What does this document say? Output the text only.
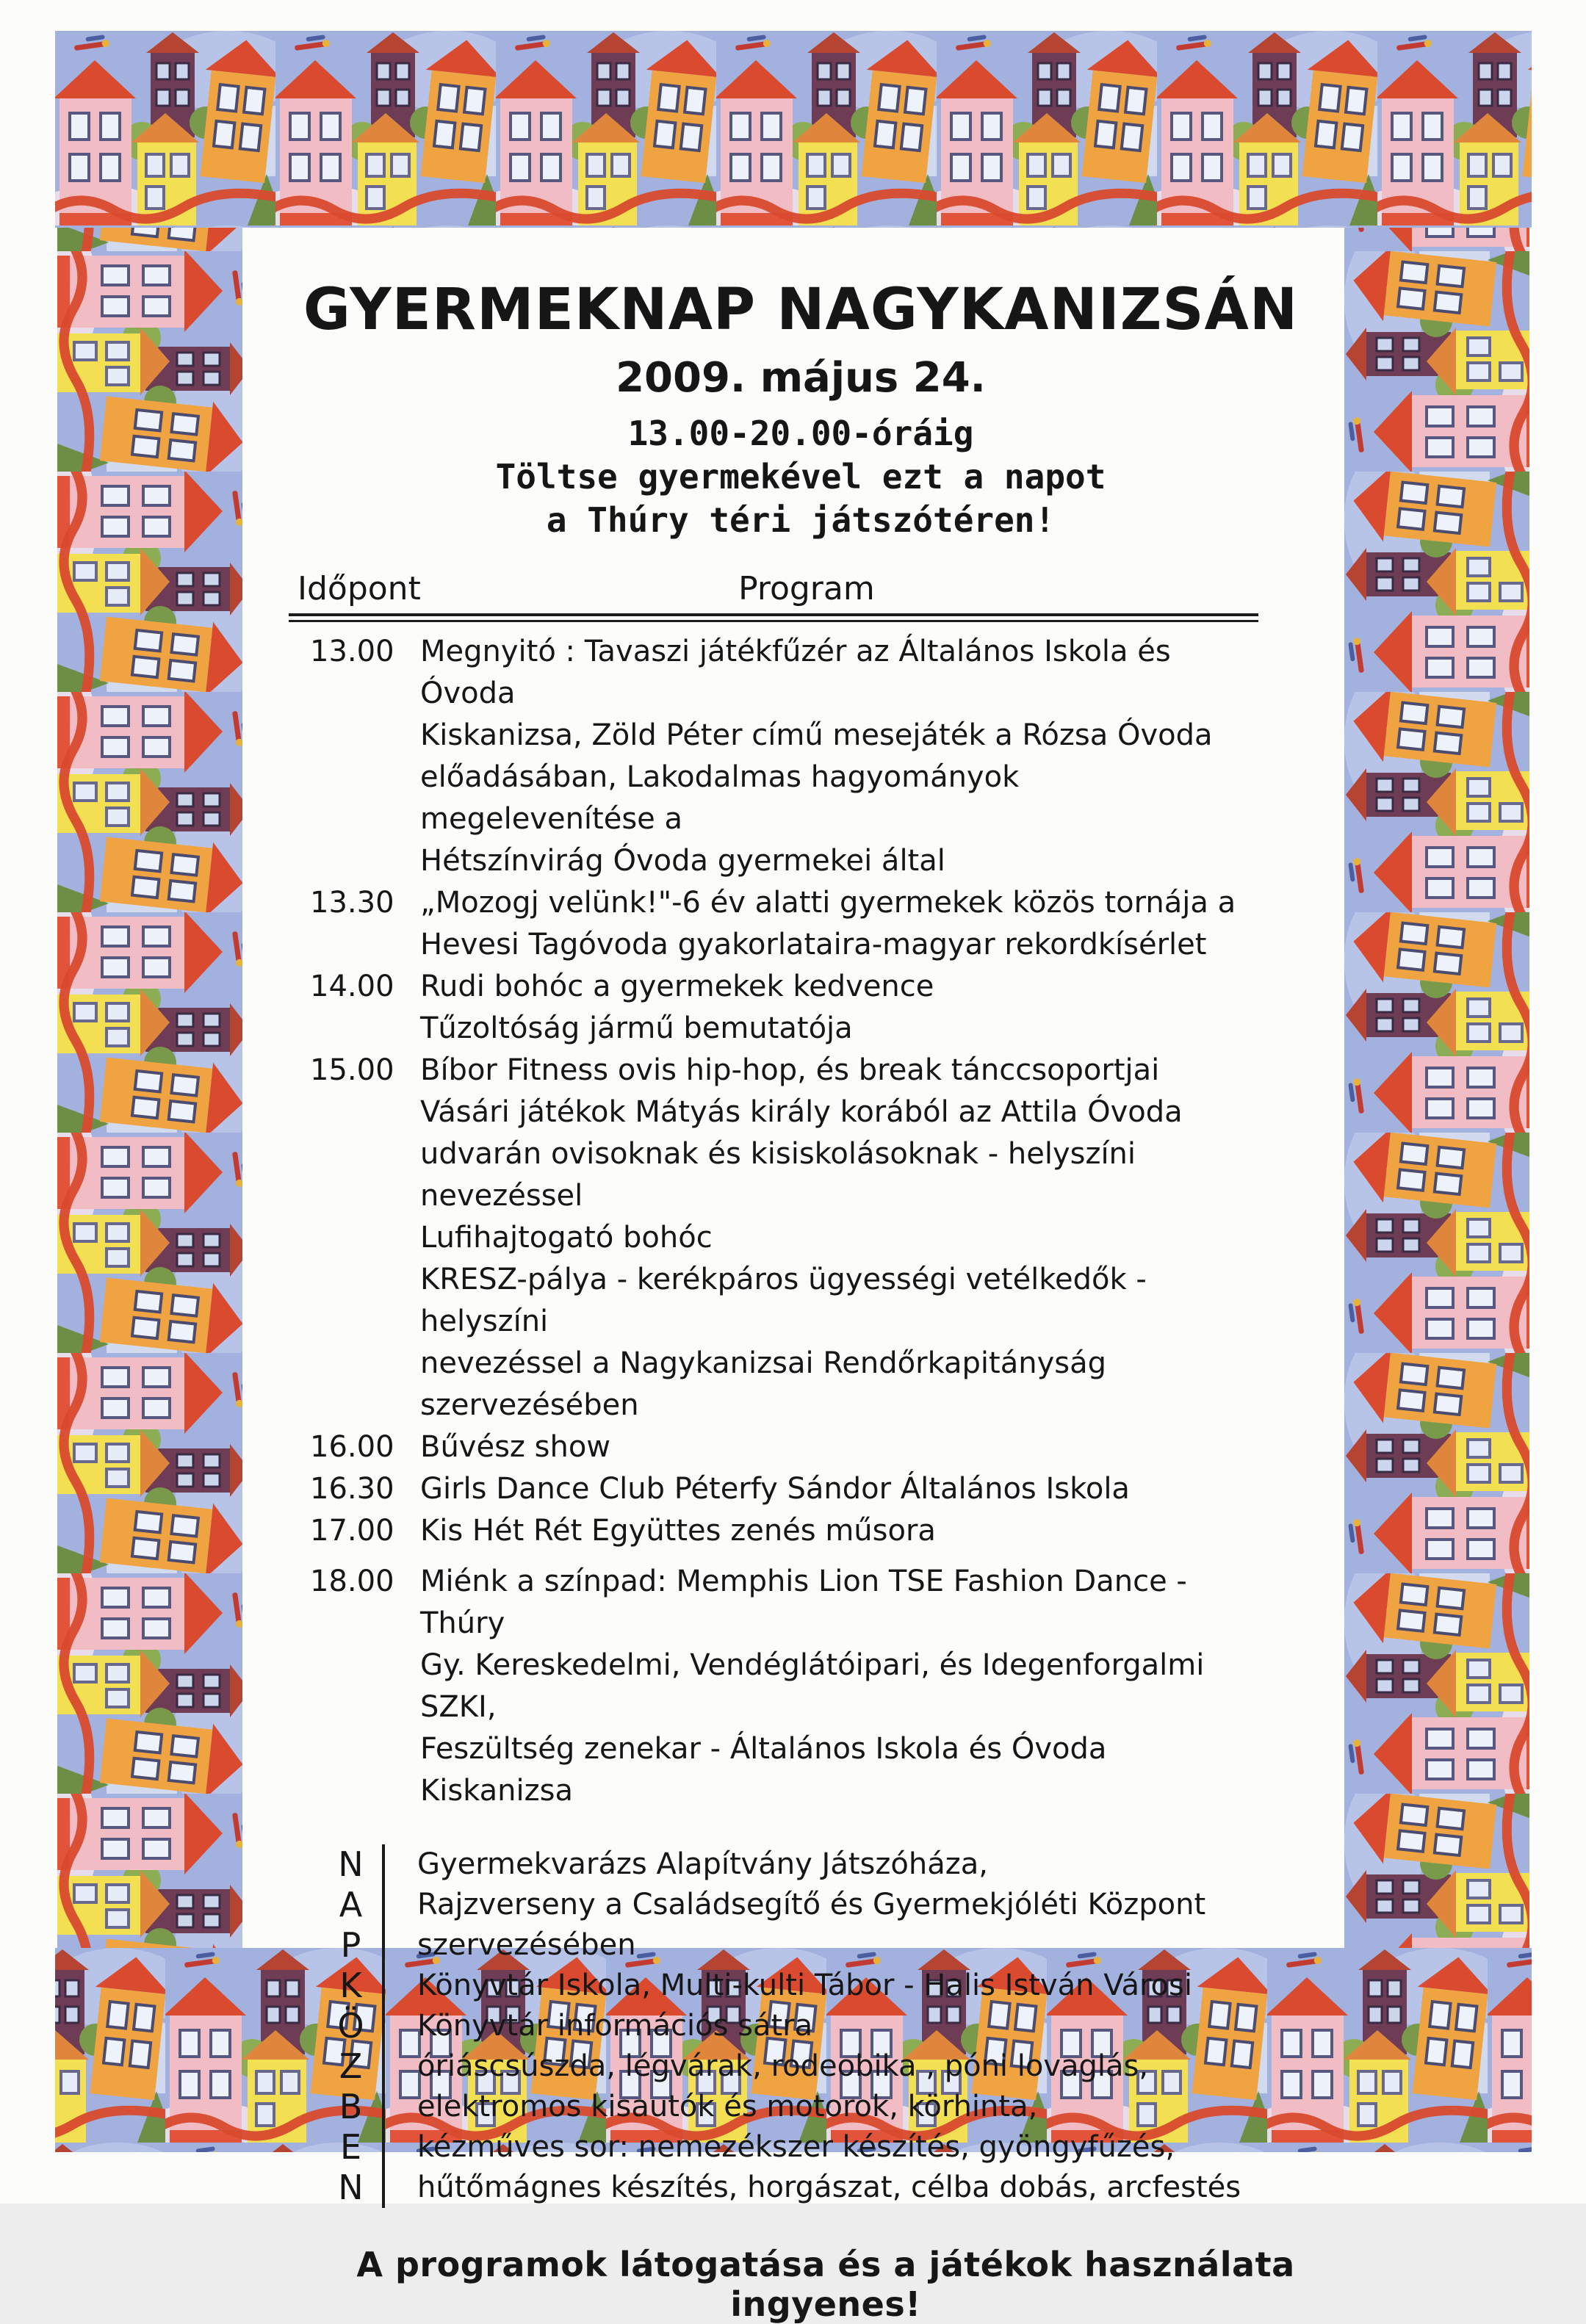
GYERMEKNAP NAGYKANIZSÁN
2009. május 24.
13.00-20.00-óráig
Töltse gyermekével ezt a napot
a Thúry téri játszótéren!
Időpont	Program
13.00 Megnyitó : Tavaszi játékfűzér az Általános Iskola és Óvoda
Kiskanizsa, Zöld Péter című mesejáték a Rózsa Óvoda
előadásában, Lakodalmas hagyományok megelevenítése a
Hétszínvirág Óvoda gyermekei által
13.30 „Mozogj velünk!"-6 év alatti gyermekek közös tornája a
Hevesi Tagóvoda gyakorlataira-magyar rekordkísérlet
14.00 Rudi bohóc a gyermekek kedvence
Tűzoltóság jármű bemutatója
15.00 Bíbor Fitness ovis hip-hop, és break tánccsoportjai
Vásári játékok Mátyás király korából az Attila Óvoda
udvarán ovisoknak és kisiskolásoknak - helyszíni nevezéssel
Lufihajtogató bohóc
KRESZ-pálya - kerékpáros ügyességi vetélkedők - helyszíni
nevezéssel a Nagykanizsai Rendőrkapitányság szervezésében
16.00 Bűvész show
16.30 Girls Dance Club Péterfy Sándor Általános Iskola
17.00 Kis Hét Rét Együttes zenés műsora
18.00 Miénk a színpad: Memphis Lion TSE Fashion Dance -Thúry
Gy. Kereskedelmi, Vendéglátóipari, és Idegenforgalmi SZKI,
Feszültség zenekar - Általános Iskola és Óvoda Kiskanizsa
N	Gyermekvarázs Alapítvány Játszóháza,
A	Rajzverseny a Családsegítő és Gyermekjóléti Központ
P	szervezésében
K	Könyvtár Iskola, Multi-kulti Tábor - Halis István Városi
Ö	Könyvtár információs sátra
Z	óriáscsúszda, légvárak, rodeobika , póni lovaglás,
B	elektromos kisautók és motorok, körhinta,
E	kézműves sor: nemezékszer készítés, gyöngyfűzés,
N	hűtőmágnes készítés, horgászat, célba dobás, arcfestés
A programok látogatása és a játékok használata ingyenes!
